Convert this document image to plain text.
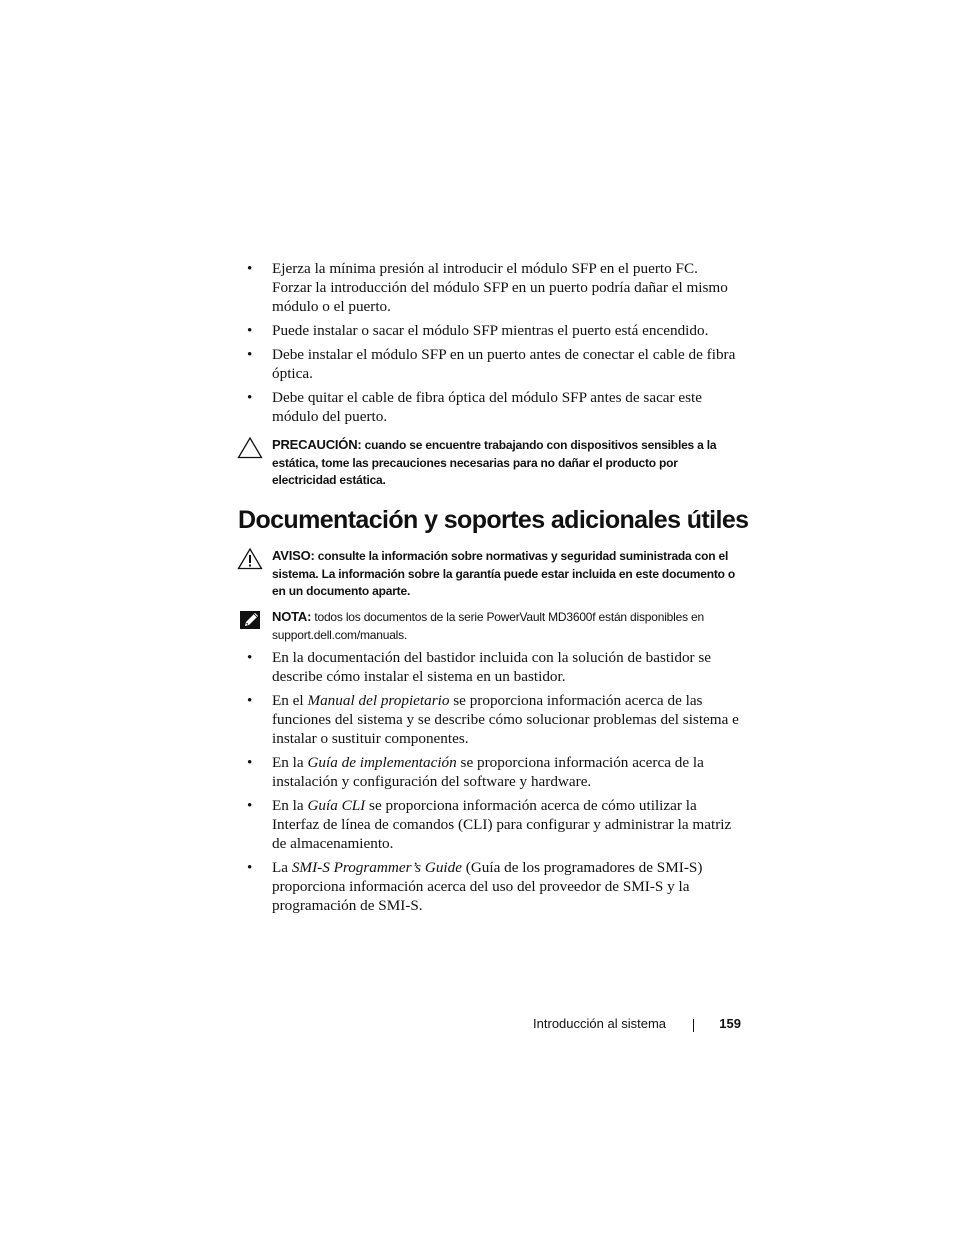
• Ejerza la mínima presión al introducir el módulo SFP en el puerto FC. Forzar la introducción del módulo SFP en un puerto podría dañar el mismo módulo o el puerto.
• Puede instalar o sacar el módulo SFP mientras el puerto está encendido.
• Debe instalar el módulo SFP en un puerto antes de conectar el cable de fibra óptica.
• Debe quitar el cable de fibra óptica del módulo SFP antes de sacar este módulo del puerto.
PRECAUCIÓN: cuando se encuentre trabajando con dispositivos sensibles a la estática, tome las precauciones necesarias para no dañar el producto por electricidad estática.
Documentación y soportes adicionales útiles
AVISO: consulte la información sobre normativas y seguridad suministrada con el sistema. La información sobre la garantía puede estar incluida en este documento o en un documento aparte.
NOTA: todos los documentos de la serie PowerVault MD3600f están disponibles en support.dell.com/manuals.
• En la documentación del bastidor incluida con la solución de bastidor se describe cómo instalar el sistema en un bastidor.
• En el Manual del propietario se proporciona información acerca de las funciones del sistema y se describe cómo solucionar problemas del sistema e instalar o sustituir componentes.
• En la Guía de implementación se proporciona información acerca de la instalación y configuración del software y hardware.
• En la Guía CLI se proporciona información acerca de cómo utilizar la Interfaz de línea de comandos (CLI) para configurar y administrar la matriz de almacenamiento.
• La SMI-S Programmer’s Guide (Guía de los programadores de SMI-S) proporciona información acerca del uso del proveedor de SMI-S y la programación de SMI-S.
Introducción al sistema	159
